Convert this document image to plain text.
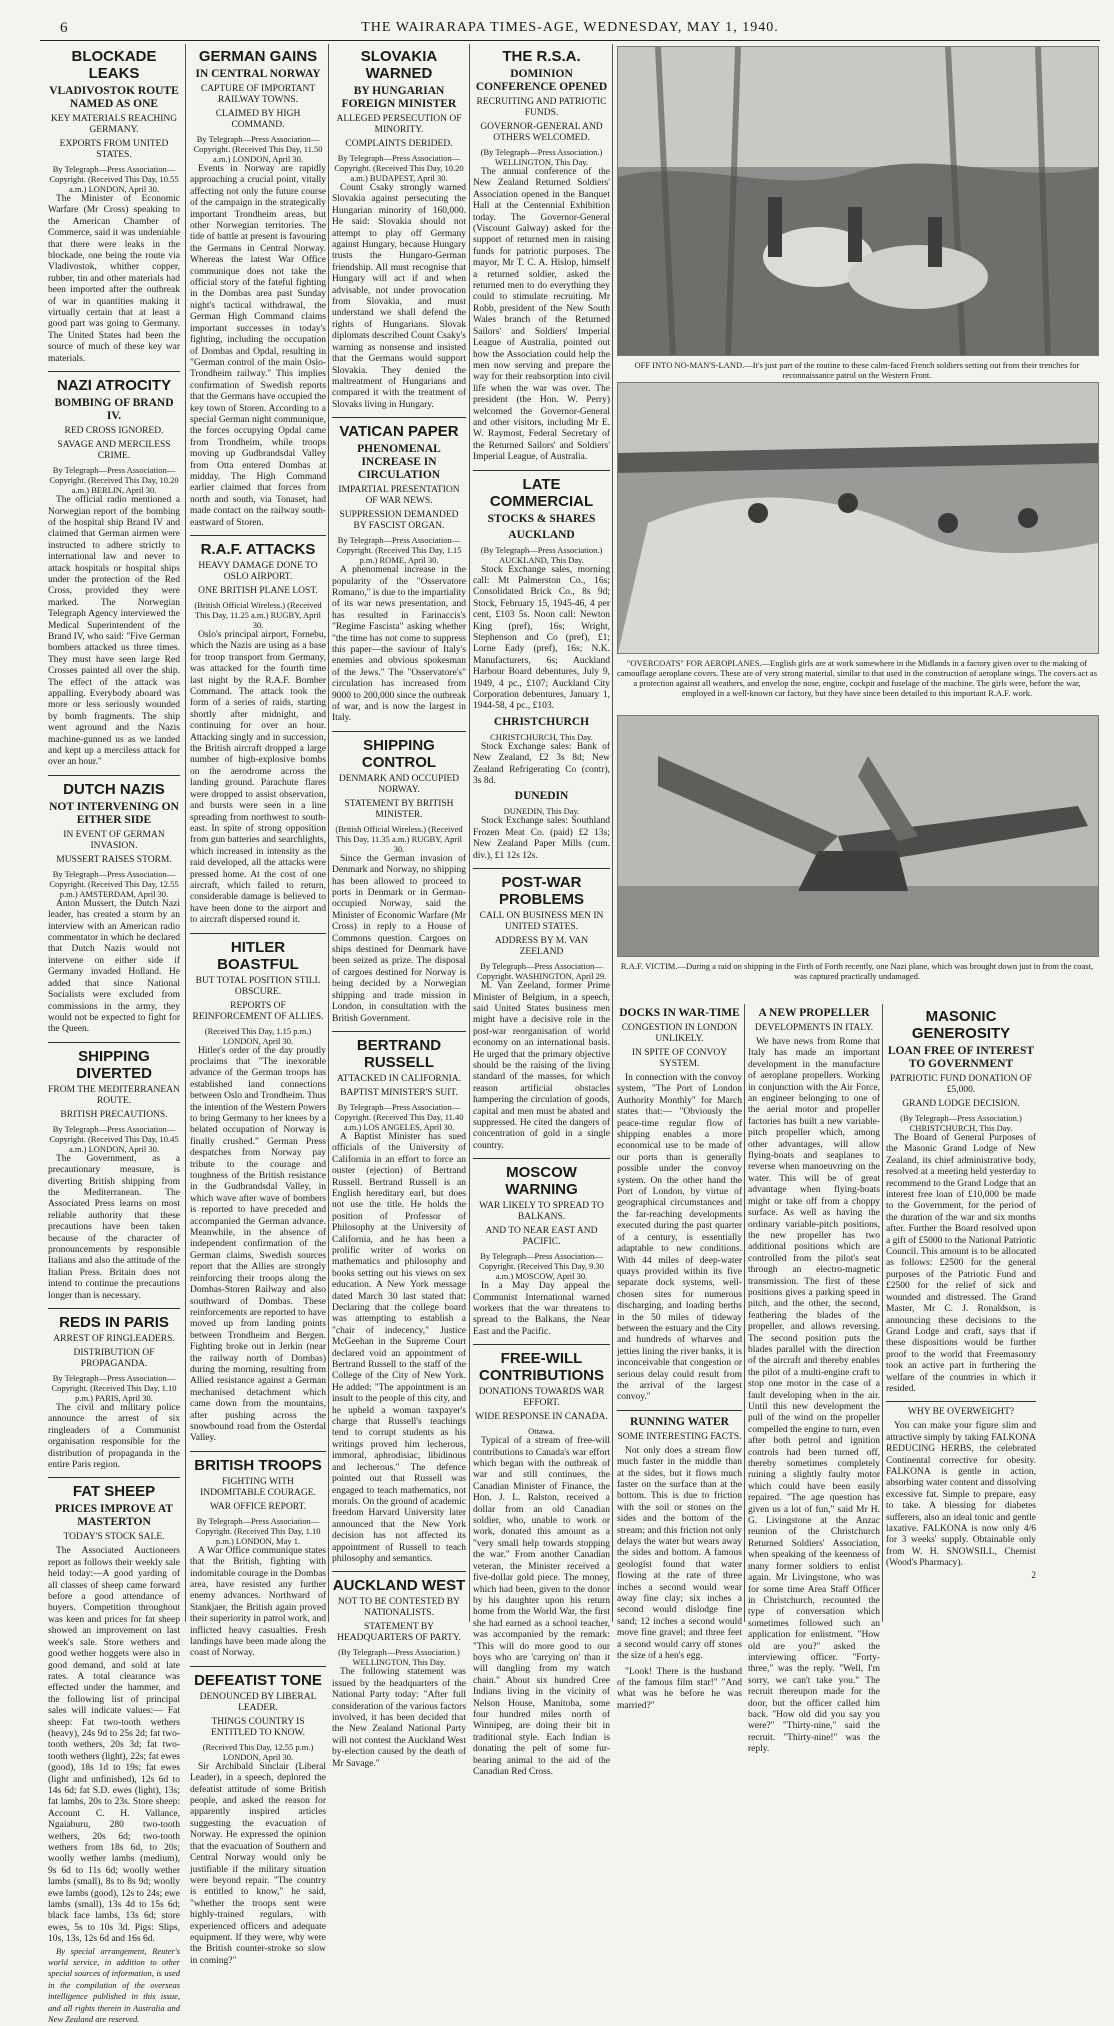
6	THE WAIRARAPA TIMES-AGE, WEDNESDAY, MAY 1, 1940.
BLOCKADE LEAKS
VLADIVOSTOK ROUTE NAMED AS ONE
KEY MATERIALS REACHING GERMANY.
EXPORTS FROM UNITED STATES.
By Telegraph—Press Association—Copyright. (Received This Day, 10.55 a.m.) LONDON, April 30.

The Minister of Economic Warfare (Mr Cross) speaking to the American Chamber of Commerce, said it was undeniable that there were leaks in the blockade, one being the route via Vladivostok, whither copper, rubber, tin and other materials had been imported after the outbreak of war in quantities making it virtually certain that at least a good part was going to Germany. The United States had been the source of much of these key war materials.

NAZI ATROCITY
BOMBING OF BRAND IV.
RED CROSS IGNORED.
SAVAGE AND MERCILESS CRIME.
By Telegraph—Press Association—Copyright. (Received This Day, 10.20 a.m.) BERLIN, April 30.

The official radio mentioned a Norwegian report of the bombing of the hospital ship Brand IV and claimed that German airmen were instructed to adhere strictly to international law and never to attack hospitals or hospital ships under the protection of the Red Cross, provided they were marked. The Norwegian Telegraph Agency interviewed the Medical Superintendent of the Brand IV, who said: "Five German bombers attacked us three times. They must have seen large Red Crosses painted all over the ship. The effect of the attack was appalling. Everybody aboard was more or less seriously wounded by bomb fragments. The ship went aground and the Nazis machine-gunned us as we landed and kept up a merciless attack for over an hour."

DUTCH NAZIS
NOT INTERVENING ON EITHER SIDE
IN EVENT OF GERMAN INVASION.
MUSSERT RAISES STORM.
By Telegraph—Press Association—Copyright. (Received This Day, 12.55 p.m.) AMSTERDAM, April 30.

Anton Mussert, the Dutch Nazi leader, has created a storm by an interview with an American radio commentator in which he declared that Dutch Nazis would not intervene on either side if Germany invaded Holland. He added that since National Socialists were excluded from commissions in the army, they would not be expected to fight for the Queen.

SHIPPING DIVERTED
FROM THE MEDITERRANEAN ROUTE.
BRITISH PRECAUTIONS.
By Telegraph—Press Association—Copyright. (Received This Day, 10.45 a.m.) LONDON, April 30.

The Government, as a precautionary measure, is diverting British shipping from the Mediterranean. The Associated Press learns on most reliable authority that these precautions have been taken because of the character of pronouncements by responsible Italians and also the attitude of the Italian Press. Britain does not intend to continue the precautions longer than is necessary.

REDS IN PARIS
ARREST OF RINGLEADERS.
DISTRIBUTION OF PROPAGANDA.
By Telegraph—Press Association—Copyright. (Received This Day, 1.10 p.m.) PARIS, April 30.

The civil and military police announce the arrest of six ringleaders of a Communist organisation responsible for the distribution of propaganda in the entire Paris region.

FAT SHEEP
PRICES IMPROVE AT MASTERTON
TODAY'S STOCK SALE.

The Associated Auctioneers report as follows their weekly sale held today:—A good yarding of all classes of sheep came forward before a good attendance of buyers. Competition throughout was keen and prices for fat sheep showed an improvement on last week's sale. Store wethers and good wether hoggets were also in good demand, and sold at late rates. A total clearance was effected under the hammer, and the following list of principal sales will indicate values:— Fat sheep: Fat two-tooth wethers (heavy), 24s 9d to 25s 2d; fat two-tooth wethers, 20s 3d; fat two-tooth wethers (light), 22s; fat ewes (good), 18s 1d to 19s; fat ewes (light and unfinished), 12s 6d to 14s 6d; fat S.D. ewes (light), 13s; fat lambs, 20s to 23s. Store sheep: Account C. H. Vallance, Ngaiaburu, 280 two-tooth wethers, 20s 6d; two-tooth wethers from 18s 6d, to 20s; woolly wether lambs (medium), 9s 6d to 11s 6d; woolly wether lambs (small), 8s to 8s 9d; woolly ewe lambs (good), 12s to 24s; ewe lambs (small), 13s 4d to 15s 6d; black face lambs, 13s 6d; store ewes, 5s to 10s 3d. Pigs: Slips, 10s, 13s, 12s 6d and 16s 6d.

By special arrangement, Reuter's world service, in addition to other special sources of information, is used in the compilation of the overseas intelligence published in this issue, and all rights therein in Australia and New Zealand are reserved.

GERMAN GAINS
IN CENTRAL NORWAY
CAPTURE OF IMPORTANT RAILWAY TOWNS.
CLAIMED BY HIGH COMMAND.
By Telegraph—Press Association—Copyright. (Received This Day, 11.50 a.m.) LONDON, April 30.

Events in Norway are rapidly approaching a crucial point, vitally affecting not only the future course of the campaign in the strategically important Trondheim areas, but other Norwegian territories. The tide of battle at present is favouring the Germans in Central Norway. Whereas the latest War Office communique does not take the official story of the fateful fighting in the Dombas area past Sunday night's tactical withdrawal, the German High Command claims important successes in today's fighting, including the occupation of Dombas and Opdal, resulting in "German control of the main Oslo-Trondheim railway." This implies confirmation of Swedish reports that the Germans have occupied the key town of Storen. According to a special German night communique, the forces occupying Opdal came from Trondheim, while troops moving up Gudbrandsdal Valley from Otta entered Dombas at midday. The High Command earlier claimed that forces from north and south, via Tonaset, had made contact on the railway south-eastward of Storen.

R.A.F. ATTACKS
HEAVY DAMAGE DONE TO OSLO AIRPORT.
ONE BRITISH PLANE LOST.
(British Official Wireless.) (Received This Day, 11.25 a.m.) RUGBY, April 30.

Oslo's principal airport, Fornebu, which the Nazis are using as a base for troop transport from Germany, was attacked for the fourth time last night by the R.A.F. Bomber Command. The attack took the form of a series of raids, starting shortly after midnight, and continuing for over an hour. Attacking singly and in succession, the British aircraft dropped a large number of high-explosive bombs on the aerodrome across the landing ground. Parachute flares were dropped to assist observation, and bursts were seen in a line spreading from northwest to south-east. In spite of strong opposition from gun batteries and searchlights, which increased in intensity as the raid developed, all the attacks were pressed home. At the cost of one aircraft, which failed to return, considerable damage is believed to have been done to the airport and to aircraft dispersed round it.

HITLER BOASTFUL
BUT TOTAL POSITION STILL OBSCURE.
REPORTS OF REINFORCEMENT OF ALLIES.
(Received This Day, 1.15 p.m.) LONDON, April 30.

Hitler's order of the day proudly proclaims that "The inexorable advance of the German troops has established land connections between Oslo and Trondheim. Thus the intention of the Western Powers to bring Germany to her knees by a belated occupation of Norway is finally crushed." German Press despatches from Norway pay tribute to the courage and toughness of the British resistance in the Gudbrandsdal Valley, in which wave after wave of bombers is reported to have preceded and accompanied the German advance. Meanwhile, in the absence of independent confirmation of the German claims, Swedish sources report that the Allies are strongly reinforcing their troops along the Dombas-Storen Railway and also southward of Dombas. These reinforcements are reported to have moved up from landing points between Trondheim and Bergen. Fighting broke out in Jerkin (near the railway north of Dombas) during the morning, resulting from Allied resistance against a German mechanised detachment which came down from the mountains, after pushing across the snowbound road from the Osterdal Valley.

BRITISH TROOPS
FIGHTING WITH INDOMITABLE COURAGE.
WAR OFFICE REPORT.
By Telegraph—Press Association—Copyright. (Received This Day, 1.10 p.m.) LONDON, May 1.

A War Office communique states that the British, fighting with indomitable courage in the Dombas area, have resisted any further enemy advances. Northward of Stankjaer, the British again proved their superiority in patrol work, and inflicted heavy casualties. Fresh landings have been made along the coast of Norway.

DEFEATIST TONE
DENOUNCED BY LIBERAL LEADER.
THINGS COUNTRY IS ENTITLED TO KNOW.
(Received This Day, 12.55 p.m.) LONDON, April 30.

Sir Archibald Sinclair (Liberal Leader), in a speech, deplored the defeatist attitude of some British people, and asked the reason for apparently inspired articles suggesting the evacuation of Norway. He expressed the opinion that the evacuation of Southern and Central Norway would only be justifiable if the military situation were beyond repair. "The country is entitled to know," he said, "whether the troops sent were highly-trained regulars, with experienced officers and adequate equipment. If they were, why were the British counter-stroke so slow in coming?"

SLOVAKIA WARNED
BY HUNGARIAN FOREIGN MINISTER
ALLEGED PERSECUTION OF MINORITY.
COMPLAINTS DERIDED.
By Telegraph—Press Association—Copyright. (Received This Day, 10.20 a.m.) BUDAPEST, April 30.

Count Csaky strongly warned Slovakia against persecuting the Hungarian minority of 160,000. He said: Slovakia should not attempt to play off Germany against Hungary, because Hungary trusts the Hungaro-German friendship. All must recognise that Hungary will act if and when advisable, not under provocation from Slovakia, and must understand we shall defend the rights of Hungarians. Slovak diplomats described Count Csaky's warning as nonsense and insisted that the Germans would support Slovakia. They denied the maltreatment of Hungarians and compared it with the treatment of Slovaks living in Hungary.

VATICAN PAPER
PHENOMENAL INCREASE IN CIRCULATION
IMPARTIAL PRESENTATION OF WAR NEWS.
SUPPRESSION DEMANDED BY FASCIST ORGAN.
By Telegraph—Press Association—Copyright. (Received This Day, 1.15 p.m.) ROME, April 30.

A phenomenal increase in the popularity of the "Osservatore Romano," is due to the impartiality of its war news presentation, and has resulted in Farinaccis's "Regime Fascista" asking whether "the time has not come to suppress this paper—the saviour of Italy's enemies and obvious spokesman of the Jews." The "Osservatore's" circulation has increased from 9000 to 200,000 since the outbreak of war, and is now the largest in Italy.

SHIPPING CONTROL
DENMARK AND OCCUPIED NORWAY.
STATEMENT BY BRITISH MINISTER.
(British Official Wireless.) (Received This Day, 11.35 a.m.) RUGBY, April 30.

Since the German invasion of Denmark and Norway, no shipping has been allowed to proceed to ports in Denmark or in German-occupied Norway, said the Minister of Economic Warfare (Mr Cross) in reply to a House of Commons question. Cargoes on ships destined for Denmark have been seized as prize. The disposal of cargoes destined for Norway is being decided by a Norwegian shipping and trade mission in London, in consultation with the British Government.

BERTRAND RUSSELL
ATTACKED IN CALIFORNIA.
BAPTIST MINISTER'S SUIT.
By Telegraph—Press Association—Copyright. (Received This Day, 11.40 a.m.) LOS ANGELES, April 30.

A Baptist Minister has sued officials of the University of California in an effort to force an ouster (ejection) of Bertrand Russell. Bertrand Russell is an English hereditary earl, but does not use the title. He holds the position of Professor of Philosophy at the University of California, and he has been a prolific writer of works on mathematics and philosophy and books setting out his views on sex education. A New York message dated March 30 last stated that: Declaring that the college board was attempting to establish a "chair of indecency," Justice McGeehan in the Supreme Court declared void an appointment of Bertrand Russell to the staff of the College of the City of New York. He added: "The appointment is an insult to the people of this city, and he upheld a woman taxpayer's charge that Russell's teachings tend to corrupt students as his writings proved him lecherous, immoral, aphrodisiac, libidinous and lecherous." The defence pointed out that Russell was engaged to teach mathematics, not morals. On the ground of academic freedom Harvard University later announced that the New York decision has not affected its appointment of Russell to teach philosophy and semantics.

AUCKLAND WEST
NOT TO BE CONTESTED BY NATIONALISTS.
STATEMENT BY HEADQUARTERS OF PARTY.
(By Telegraph—Press Association.) WELLINGTON, This Day.

The following statement was issued by the headquarters of the National Party today: "After full consideration of the various factors involved, it has been decided that the New Zealand National Party will not contest the Auckland West by-election caused by the death of Mr Savage."

THE R.S.A.
DOMINION CONFERENCE OPENED
RECRUITING AND PATRIOTIC FUNDS.
GOVERNOR-GENERAL AND OTHERS WELCOMED.
(By Telegraph—Press Association.) WELLINGTON, This Day.

The annual conference of the New Zealand Returned Soldiers' Association opened in the Banquet Hall at the Centennial Exhibition today. The Governor-General (Viscount Galway) asked for the support of returned men in raising funds for patriotic purposes. The mayor, Mr T. C. A. Hislop, himself a returned soldier, asked the returned men to do everything they could to stimulate recruiting. Mr Robb, president of the New South Wales branch of the Returned Sailors' and Soldiers' Imperial League of Australia, pointed out how the Association could help the men now serving and prepare the way for their reabsorption into civil life when the war was over. The president (the Hon. W. Perry) welcomed the Governor-General and other visitors, including Mr E. W. Raymost, Federal Secretary of the Returned Sailors' and Soldiers' Imperial League, of Australia.

LATE COMMERCIAL
STOCKS & SHARES
AUCKLAND
(By Telegraph—Press Association.) AUCKLAND, This Day.

Stock Exchange sales, morning call: Mt Palmerston Co., 16s; Consolidated Brick Co., 8s 9d; Stock, February 15, 1945-46, 4 per cent, £103 5s. Noon call: Newton King (pref), 16s; Wright, Stephenson and Co (pref), £1; Lorne Eady (pref), 16s; N.K. Manufacturers, 6s; Auckland Harbour Board debentures, July 9, 1949, 4 pc., £107; Auckland City Corporation debentures, January 1, 1944-58, 4 pc., £103.

CHRISTCHURCH
CHRISTCHURCH, This Day.

Stock Exchange sales: Bank of New Zealand, £2 3s 8d; New Zealand Refrigerating Co (contr), 3s 8d.

DUNEDIN
DUNEDIN, This Day.

Stock Exchange sales: Southland Frozen Meat Co. (paid) £2 13s; New Zealand Paper Mills (cum. div.), £1 12s 12s.

POST-WAR PROBLEMS
CALL ON BUSINESS MEN IN UNITED STATES.
ADDRESS BY M. VAN ZEELAND
By Telegraph—Press Association—Copyright. WASHINGTON, April 29.

M. Van Zeeland, former Prime Minister of Belgium, in a speech, said United States business men might have a decisive role in the post-war reorganisation of world economy on an international basis. He urged that the primary objective should be the raising of the living standard of the masses, for which reason artificial obstacles hampering the circulation of goods, capital and men must be abated and suppressed. He cited the dangers of concentration of gold in a single country.

MOSCOW WARNING
WAR LIKELY TO SPREAD TO BALKANS.
AND TO NEAR EAST AND PACIFIC.
By Telegraph—Press Association—Copyright. (Received This Day, 9.30 a.m.) MOSCOW, April 30.

In a May Day appeal the Communist International warned workers that the war threatens to spread to the Balkans, the Near East and the Pacific.

FREE-WILL CONTRIBUTIONS
DONATIONS TOWARDS WAR EFFORT.
WIDE RESPONSE IN CANADA.
Ottawa.

Typical of a stream of free-will contributions to Canada's war effort which began with the outbreak of war and still continues, the Canadian Minister of Finance, the Hon. J. L. Ralston, received a dollar from an old Canadian soldier, who, unable to work or work, donated this amount as a "very small help towards stopping the war." From another Canadian veteran, the Minister received a five-dollar gold piece. The money, which had been, given to the donor by his daughter upon his return home from the World War, the first she had earned as a school teacher, was accompanied by the remark: "This will do more good to our boys who are 'carrying on' than it will dangling from my watch chain." About six hundred Cree Indians living in the vicinity of Nelson House, Manitoba, some four hundred miles north of Winnipeg, are doing their bit in traditional style. Each Indian is donating the pelt of some fur-bearing animal to the aid of the Canadian Red Cross.

OFF INTO NO-MAN'S-LAND.—It's just part of the routine to these calm-faced French soldiers setting out from their trenches for reconnaissance patrol on the Western Front.
"OVERCOATS" FOR AEROPLANES.—English girls are at work somewhere in the Midlands in a factory given over to the making of camouflage aeroplane covers. These are of very strong material, similar to that used in the construction of aeroplane wings. The covers act as a protection against all weathers, and envelop the nose, engine, cockpit and fuselage of the machine. The girls were, before the war, employed in a well-known car factory, but they have since been detailed to this important R.A.F. work.
R.A.F. VICTIM.—During a raid on shipping in the Firth of Forth recently, one Nazi plane, which was brought down just in from the coast, was captured practically undamaged.
DOCKS IN WAR-TIME
CONGESTION IN LONDON UNLIKELY.
IN SPITE OF CONVOY SYSTEM.

In connection with the convoy system, "The Port of London Authority Monthly" for March states that:— "Obviously the peace-time regular flow of shipping enables a more economical use to be made of our ports than is generally possible under the convoy system. On the other hand the Port of London, by virtue of geographical circumstances and the far-reaching developments executed during the past quarter of a century, is essentially adaptable to new conditions. With 44 miles of deep-water quays provided within its five separate dock systems, well-chosen sites for numerous discharging, and loading berths in the 50 miles of tideway between the estuary and the City and hundreds of wharves and jetties lining the river banks, it is inconceivable that congestion or serious delay could result from the arrival of the largest convoy."

RUNNING WATER
SOME INTERESTING FACTS.

Not only does a stream flow much faster in the middle than at the sides, but it flows much faster on the surface than at the bottom. This is due to friction with the soil or stones on the sides and the bottom of the stream; and this friction not only delays the water but wears away the sides and bottom. A famous geologist found that water flowing at the rate of three inches a second would wear away fine clay; six inches a second would dislodge fine sand; 12 inches a second would move fine gravel; and three feet a second would carry off stones the size of a hen's egg.

"Look! There is the husband of the famous film star!" "And what was he before he was married?"

A NEW PROPELLER
DEVELOPMENTS IN ITALY.

We have news from Rome that Italy has made an important development in the manufacture of aeroplane propellers. Working in conjunction with the Air Force, an engineer belonging to one of the aerial motor and propeller factories has built a new variable-pitch propeller which, among other advantages, will allow flying-boats and seaplanes to reverse when manoeuvring on the water. This will be of great advantage when flying-boats might or take off from a choppy surface. As well as having the ordinary variable-pitch positions, the new propeller has two additional positions which are controlled from the pilot's seat through an electro-magnetic transmission. The first of these positions gives a parking speed in pitch, and the other, the second, feathering the blades of the propeller, and allows reversing. The second position puts the blades parallel with the direction of the aircraft and thereby enables the pilot of a multi-engine craft to stop one motor in the case of a fault developing when in the air. Until this new development the pull of the wind on the propeller compelled the engine to turn, even after both petrol and ignition controls had been turned off, thereby sometimes completely ruining a slightly faulty motor which could have been easily repaired. "The age question has given us a lot of fun," said Mr H. G. Livingstone at the Anzac reunion of the Christchurch Returned Soldiers' Association, when speaking of the keenness of many former soldiers to enlist again. Mr Livingstone, who was for some time Area Staff Officer in Christchurch, recounted the type of conversation which sometimes followed such an application for enlistment. "How old are you?" asked the interviewing officer. "Forty-three," was the reply. "Well, I'm sorry, we can't take you." The recruit thereupon made for the door, but the officer called him back. "How old did you say you were?" "Thirty-nine," said the recruit. "Thirty-nine!" was the reply.

MASONIC GENEROSITY
LOAN FREE OF INTEREST TO GOVERNMENT
PATRIOTIC FUND DONATION OF £5,000.
GRAND LODGE DECISION.
(By Telegraph—Press Association.) CHRISTCHURCH, This Day.

The Board of General Purposes of the Masonic Grand Lodge of New Zealand, its chief administrative body, resolved at a meeting held yesterday to recommend to the Grand Lodge that an interest free loan of £10,000 be made to the Government, for the period of the duration of the war and six months after. Further the Board resolved upon a gift of £5000 to the National Patriotic Council. This amount is to be allocated as follows: £2500 for the general purposes of the Patriotic Fund and £2500 for the relief of sick and wounded and distressed. The Grand Master, Mr C. J. Ronaldson, is announcing these decisions to the Grand Lodge and craft, says that if these dispositions would be further proof to the world that Freemasonry took an active part in furthering the welfare of the countries in which it resided.

WHY BE OVERWEIGHT?

You can make your figure slim and attractive simply by taking FALKONA REDUCING HERBS, the celebrated Continental corrective for obesity. FALKONA is gentle in action, absorbing water content and dissolving excessive fat. Simple to prepare, easy to take. A blessing for diabetes sufferers, also an ideal tonic and gentle laxative. FALKONA is now only 4/6 for 3 weeks' supply. Obtainable only from W. H. SNOWSILL, Chemist (Wood's Pharmacy).

2
